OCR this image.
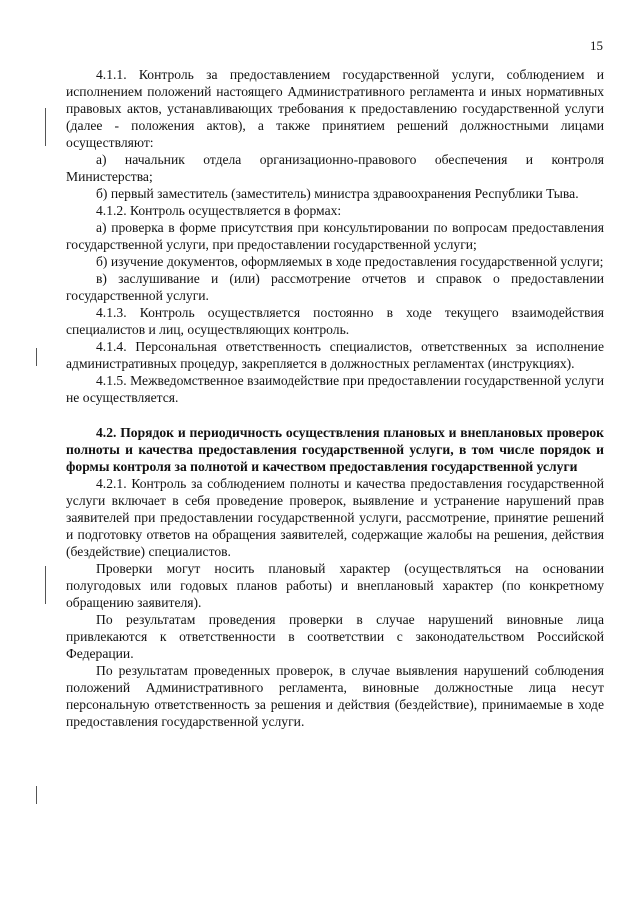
15

4.1.1. Контроль за предоставлением государственной услуги, соблюдением и исполнением положений настоящего Административного регламента и иных нормативных правовых актов, устанавливающих требования к предоставлению государственной услуги (далее - положения актов), а также принятием решений должностными лицами осуществляют:

а) начальник отдела организационно-правового обеспечения и контроля Министерства;

б) первый заместитель (заместитель) министра здравоохранения Республики Тыва.

4.1.2. Контроль осуществляется в формах:

а) проверка в форме присутствия при консультировании по вопросам предоставления государственной услуги, при предоставлении государственной услуги;

б) изучение документов, оформляемых в ходе предоставления государственной услуги;

в) заслушивание и (или) рассмотрение отчетов и справок о предоставлении государственной услуги.

4.1.3. Контроль осуществляется постоянно в ходе текущего взаимодействия специалистов и лиц, осуществляющих контроль.

4.1.4. Персональная ответственность специалистов, ответственных за исполнение административных процедур, закрепляется в должностных регламентах (инструкциях).

4.1.5. Межведомственное взаимодействие при предоставлении государственной услуги не осуществляется.

4.2. Порядок и периодичность осуществления плановых и внеплановых проверок полноты и качества предоставления государственной услуги, в том числе порядок и формы контроля за полнотой и качеством предоставления государственной услуги

4.2.1. Контроль за соблюдением полноты и качества предоставления государственной услуги включает в себя проведение проверок, выявление и устранение нарушений прав заявителей при предоставлении государственной услуги, рассмотрение, принятие решений и подготовку ответов на обращения заявителей, содержащие жалобы на решения, действия (бездействие) специалистов.

Проверки могут носить плановый характер (осуществляться на основании полугодовых или годовых планов работы) и внеплановый характер (по конкретному обращению заявителя).

По результатам проведения проверки в случае нарушений виновные лица привлекаются к ответственности в соответствии с законодательством Российской Федерации.

По результатам проведенных проверок, в случае выявления нарушений соблюдения положений Административного регламента, виновные должностные лица несут персональную ответственность за решения и действия (бездействие), принимаемые в ходе предоставления государственной услуги.
